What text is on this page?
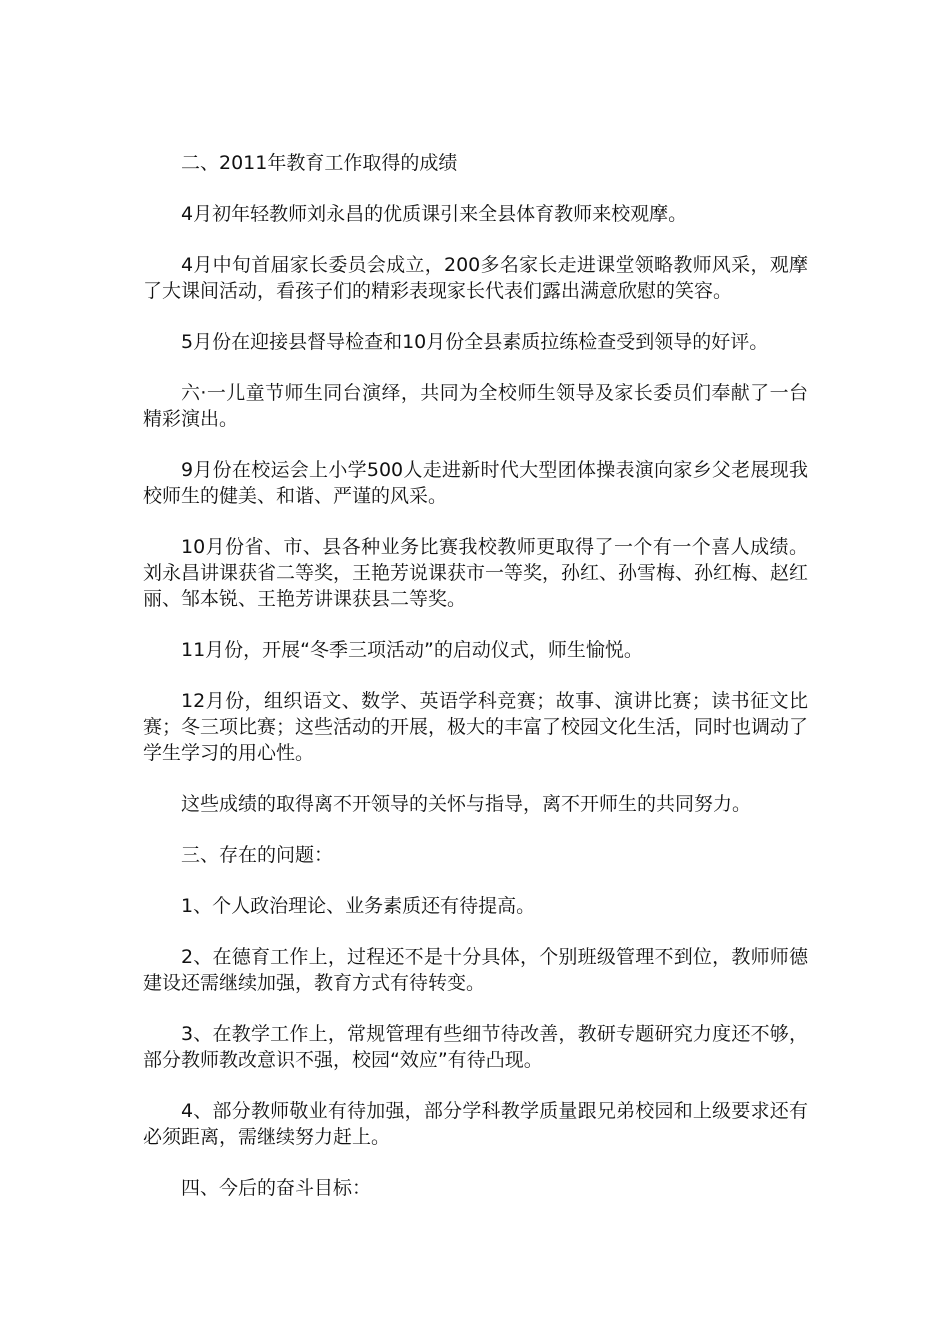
二、2011年教育工作取得的成绩

4月初年轻教师刘永昌的优质课引来全县体育教师来校观摩。

4月中旬首届家长委员会成立，200多名家长走进课堂领略教师风采，观摩了大课间活动，看孩子们的精彩表现家长代表们露出满意欣慰的笑容。

5月份在迎接县督导检查和10月份全县素质拉练检查受到领导的好评。

六·一儿童节师生同台演绎，共同为全校师生领导及家长委员们奉献了一台精彩演出。

9月份在校运会上小学500人走进新时代大型团体操表演向家乡父老展现我校师生的健美、和谐、严谨的风采。

10月份省、市、县各种业务比赛我校教师更取得了一个有一个喜人成绩。刘永昌讲课获省二等奖，王艳芳说课获市一等奖，孙红、孙雪梅、孙红梅、赵红丽、邹本锐、王艳芳讲课获县二等奖。

11月份，开展“冬季三项活动”的启动仪式，师生愉悦。

12月份，组织语文、数学、英语学科竞赛；故事、演讲比赛；读书征文比赛；冬三项比赛；这些活动的开展，极大的丰富了校园文化生活，同时也调动了学生学习的用心性。

这些成绩的取得离不开领导的关怀与指导，离不开师生的共同努力。

三、存在的问题：

1、个人政治理论、业务素质还有待提高。

2、在德育工作上，过程还不是十分具体，个别班级管理不到位，教师师德建设还需继续加强，教育方式有待转变。

3、在教学工作上，常规管理有些细节待改善，教研专题研究力度还不够，部分教师教改意识不强，校园“效应”有待凸现。

4、部分教师敬业有待加强，部分学科教学质量跟兄弟校园和上级要求还有必须距离，需继续努力赶上。

四、今后的奋斗目标：
